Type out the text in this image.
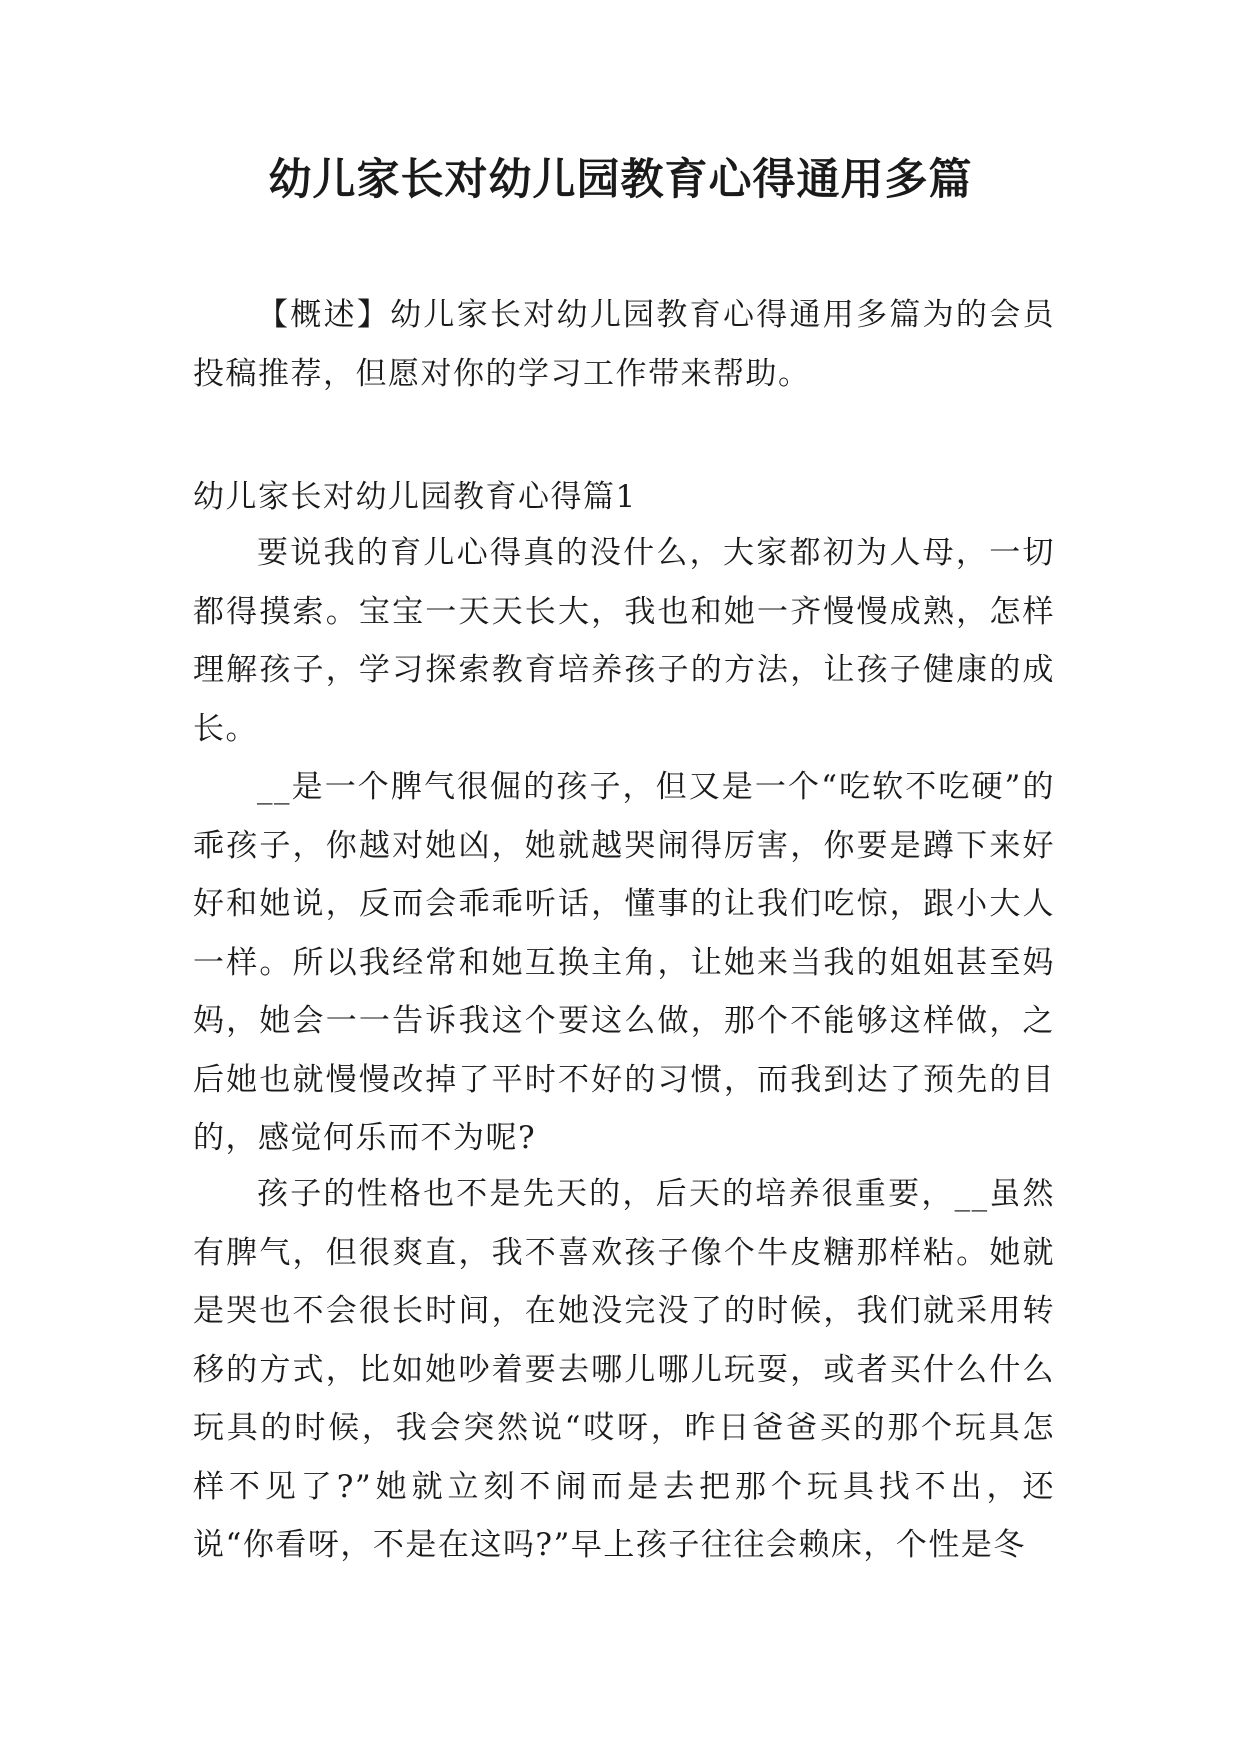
幼儿家长对幼儿园教育心得通用多篇

【概述】幼儿家长对幼儿园教育心得通用多篇为的会员投稿推荐，但愿对你的学习工作带来帮助。

幼儿家长对幼儿园教育心得篇1

要说我的育儿心得真的没什么，大家都初为人母，一切都得摸索。宝宝一天天长大，我也和她一齐慢慢成熟，怎样理解孩子，学习探索教育培养孩子的方法，让孩子健康的成长。

__是一个脾气很倔的孩子，但又是一个“吃软不吃硬”的乖孩子，你越对她凶，她就越哭闹得厉害，你要是蹲下来好好和她说，反而会乖乖听话，懂事的让我们吃惊，跟小大人一样。所以我经常和她互换主角，让她来当我的姐姐甚至妈妈，她会一一告诉我这个要这么做，那个不能够这样做，之后她也就慢慢改掉了平时不好的习惯，而我到达了预先的目的，感觉何乐而不为呢?

孩子的性格也不是先天的，后天的培养很重要，__虽然有脾气，但很爽直，我不喜欢孩子像个牛皮糖那样粘。她就是哭也不会很长时间，在她没完没了的时候，我们就采用转移的方式，比如她吵着要去哪儿哪儿玩耍，或者买什么什么玩具的时候，我会突然说“哎呀，昨日爸爸买的那个玩具怎样不见了?”她就立刻不闹而是去把那个玩具找不出，还说“你看呀，不是在这吗?”早上孩子往往会赖床，个性是冬
